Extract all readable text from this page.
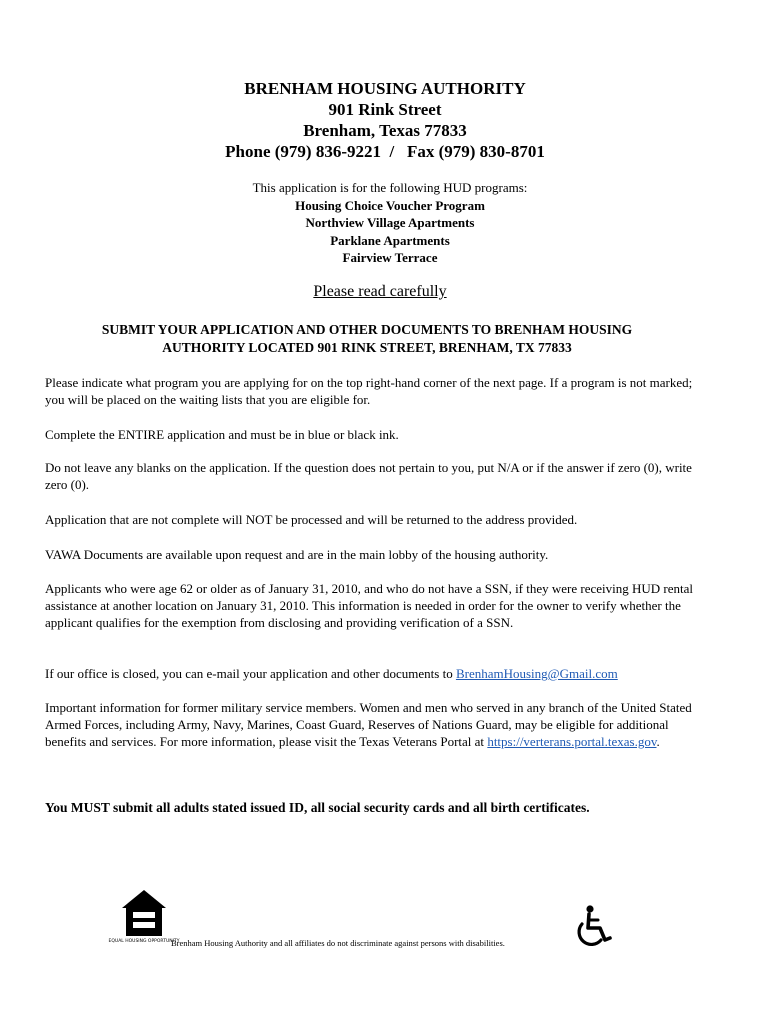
BRENHAM HOUSING AUTHORITY
901 Rink Street
Brenham, Texas 77833
Phone (979) 836-9221  /   Fax (979) 830-8701
This application is for the following HUD programs:
Housing Choice Voucher Program
Northview Village Apartments
Parklane Apartments
Fairview Terrace
Please read carefully
SUBMIT YOUR APPLICATION AND OTHER DOCUMENTS TO BRENHAM HOUSING
AUTHORITY LOCATED 901 RINK STREET, BRENHAM, TX 77833
Please indicate what program you are applying for on the top right-hand corner of the next page. If a program is not marked; you will be placed on the waiting lists that you are eligible for.
Complete the ENTIRE application and must be in blue or black ink.
Do not leave any blanks on the application. If the question does not pertain to you, put N/A or if the answer if zero (0), write zero (0).
Application that are not complete will NOT be processed and will be returned to the address provided.
VAWA Documents are available upon request and are in the main lobby of the housing authority.
Applicants who were age 62 or older as of January 31, 2010, and who do not have a SSN, if they were receiving HUD rental assistance at another location on January 31, 2010. This information is needed in order for the owner to verify whether the applicant qualifies for the exemption from disclosing and providing verification of a SSN.
If our office is closed, you can e-mail your application and other documents to BrenhamHousing@Gmail.com
Important information for former military service members. Women and men who served in any branch of the United Stated Armed Forces, including Army, Navy, Marines, Coast Guard, Reserves of Nations Guard, may be eligible for additional benefits and services. For more information, please visit the Texas Veterans Portal at https://verterans.portal.texas.gov.
You MUST submit all adults stated issued ID, all social security cards and all birth certificates.
EQUAL HOUSING OPPORTUNITY
Brenham Housing Authority and all affiliates do not discriminate against persons with disabilities.
